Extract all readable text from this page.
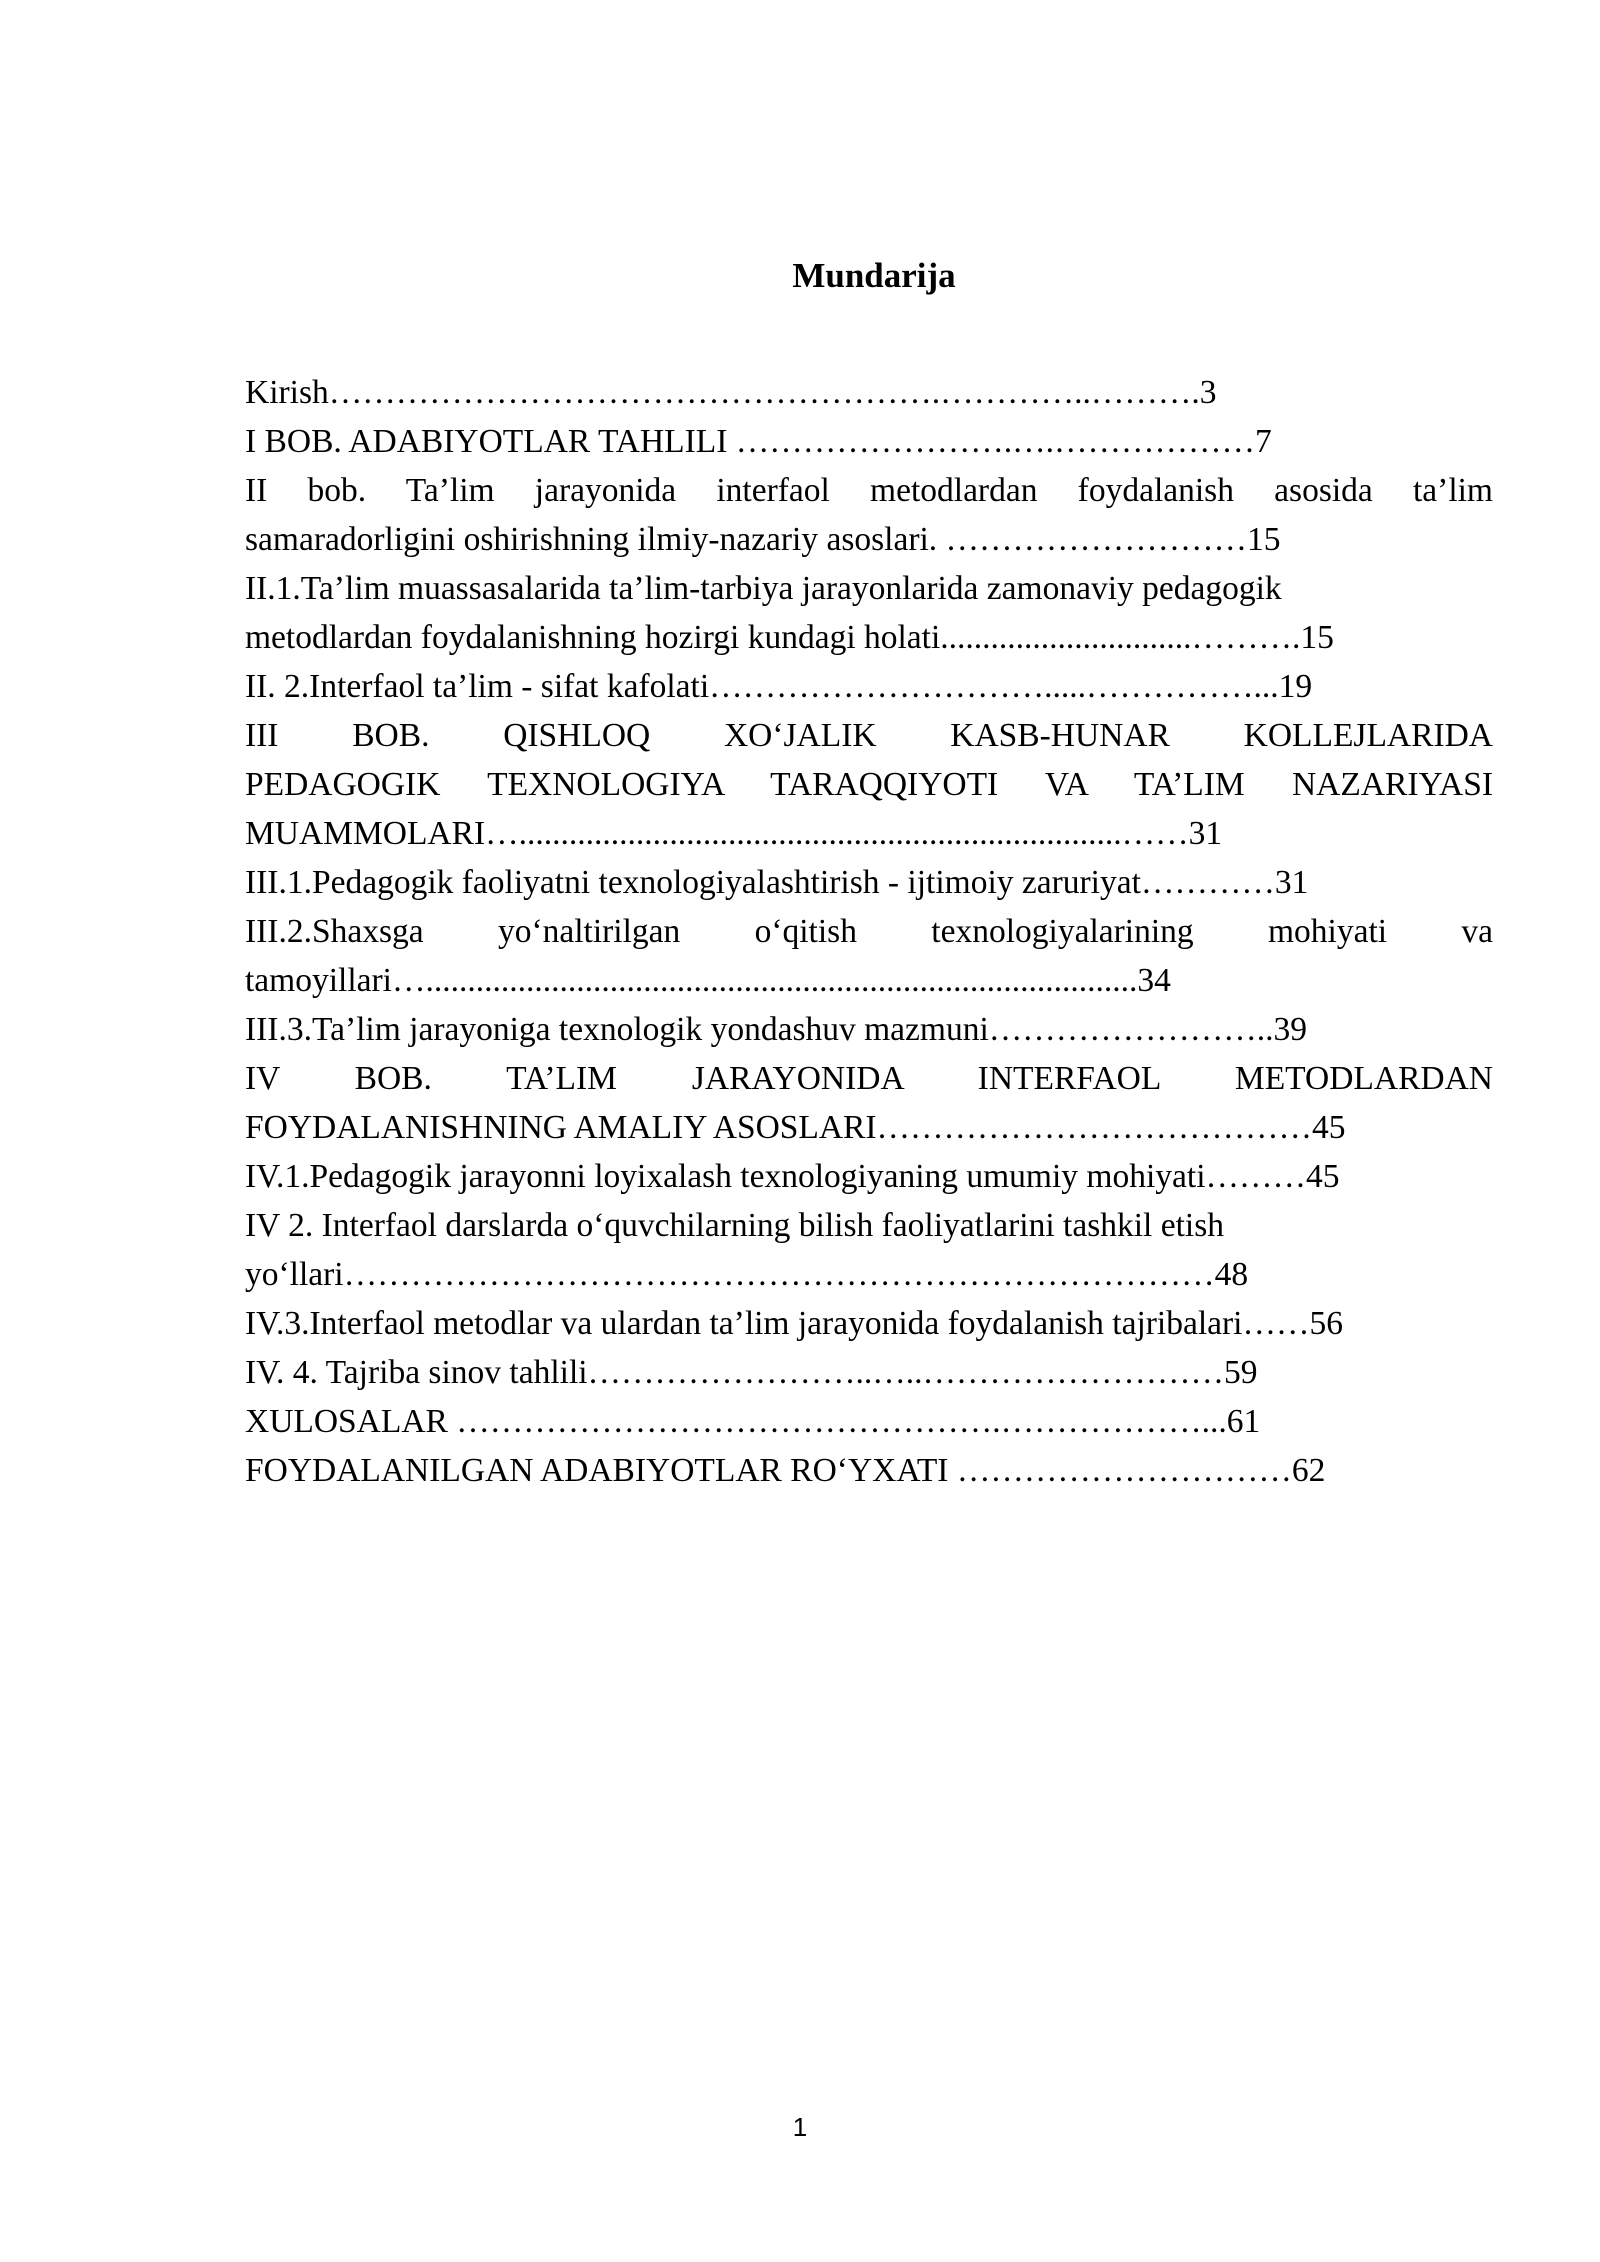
Mundarija
Kirish……………………………………………….…………..……….3
I BOB. ADABIYOTLAR TAHLILI …………………….….………………7
II bob. Ta’lim jarayonida interfaol metodlardan foydalanish asosida ta’lim
samaradorligini oshirishning ilmiy-nazariy asoslari. ………………………15
II.1.Ta’lim muassasalarida ta’lim-tarbiya jarayonlarida zamonaviy pedagogik
metodlardan foydalanishning hozirgi kundagi holati..............................……….15
II. 2.Interfaol ta’lim - sifat kafolati………………………….....……………...19
III BOB. QISHLOQ XO‘JALIK KASB-HUNAR KOLLEJLARIDA
PEDAGOGIK TEXNOLOGIYA TARAQQIYOTI VA TA’LIM NAZARIYASI
MUAMMOLARI…........................................................................……31
III.1.Pedagogik faoliyatni texnologiyalashtirish - ijtimoiy zaruriyat…………31
III.2.Shaxsga yo‘naltirilgan o‘qitish texnologiyalarining mohiyati va
tamoyillari….....................................................................................34
III.3.Ta’lim jarayoniga texnologik yondashuv mazmuni……………………..39
IV BOB. TA’LIM JARAYONIDA INTERFAOL METODLARDAN
FOYDALANISHNING AMALIY ASOSLARI…………………………………45
IV.1.Pedagogik jarayonni loyixalash texnologiyaning umumiy mohiyati………45
IV 2. Interfaol darslarda o‘quvchilarning bilish faoliyatlarini tashkil etish
yo‘llari……………………………………………………………………48
IV.3.Interfaol metodlar va ulardan ta’lim jarayonida foydalanish tajribalari……56
IV. 4. Tajriba sinov tahlili……………………..…..………………………59
XULOSALAR ………………………………………….………………...61
FOYDALANILGAN ADABIYOTLAR RO‘YXATI …………………………62
1
